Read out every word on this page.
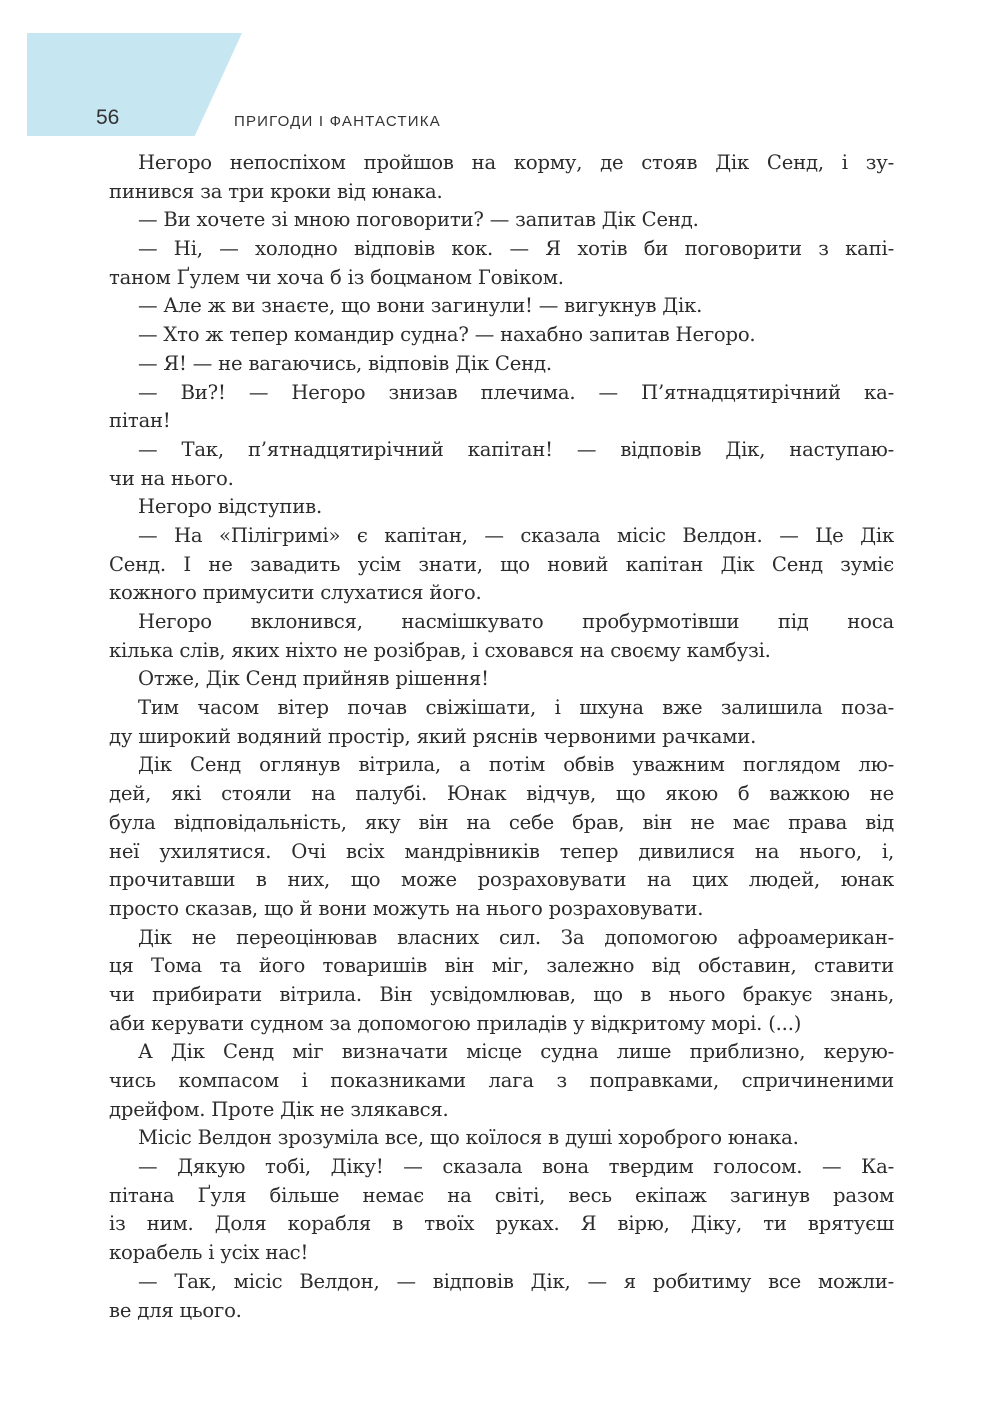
56	ПРИГОДИ І ФАНТАСТИКА
Негоро непоспіхом пройшов на корму, де стояв Дік Сенд, і зу-
пинився за три кроки від юнака.
— Ви хочете зі мною поговорити? — запитав Дік Сенд.
— Ні, — холодно відповів кок. — Я хотів би поговорити з капі-
таном Ґулем чи хоча б із боцманом Говіком.
— Але ж ви знаєте, що вони загинули! — вигукнув Дік.
— Хто ж тепер командир судна? — нахабно запитав Негоро.
— Я! — не вагаючись, відповів Дік Сенд.
— Ви?! — Негоро знизав плечима. — П’ятнадцятирічний ка-
пітан!
— Так, п’ятнадцятирічний капітан! — відповів Дік, наступаю-
чи на нього.
Негоро відступив.
— На «Пілігримі» є капітан, — сказала місіс Велдон. — Це Дік
Сенд. І не завадить усім знати, що новий капітан Дік Сенд зуміє
кожного примусити слухатися його.
Негоро вклонився, насмішкувато пробурмотівши під носа
кілька слів, яких ніхто не розібрав, і сховався на своєму камбузі.
Отже, Дік Сенд прийняв рішення!
Тим часом вітер почав свіжішати, і шхуна вже залишила поза-
ду широкий водяний простір, який ряснів червоними рачками.
Дік Сенд оглянув вітрила, а потім обвів уважним поглядом лю-
дей, які стояли на палубі. Юнак відчув, що якою б важкою не
була відповідальність, яку він на себе брав, він не має права від
неї ухилятися. Очі всіх мандрівників тепер дивилися на нього, і,
прочитавши в них, що може розраховувати на цих людей, юнак
просто сказав, що й вони можуть на нього розраховувати.
Дік не переоцінював власних сил. За допомогою афроамерикан-
ця Тома та його товаришів він міг, залежно від обставин, ставити
чи прибирати вітрила. Він усвідомлював, що в нього бракує знань,
аби керувати судном за допомогою приладів у відкритому морі. (...)
А Дік Сенд міг визначати місце судна лише приблизно, керую-
чись компасом і показниками лага з поправками, спричиненими
дрейфом. Проте Дік не злякався.
Місіс Велдон зрозуміла все, що коїлося в душі хороброго юнака.
— Дякую тобі, Діку! — сказала вона твердим голосом. — Ка-
пітана Ґуля більше немає на світі, весь екіпаж загинув разом
із ним. Доля корабля в твоїх руках. Я вірю, Діку, ти врятуєш
корабель і усіх нас!
— Так, місіс Велдон, — відповів Дік, — я робитиму все можли-
ве для цього.
